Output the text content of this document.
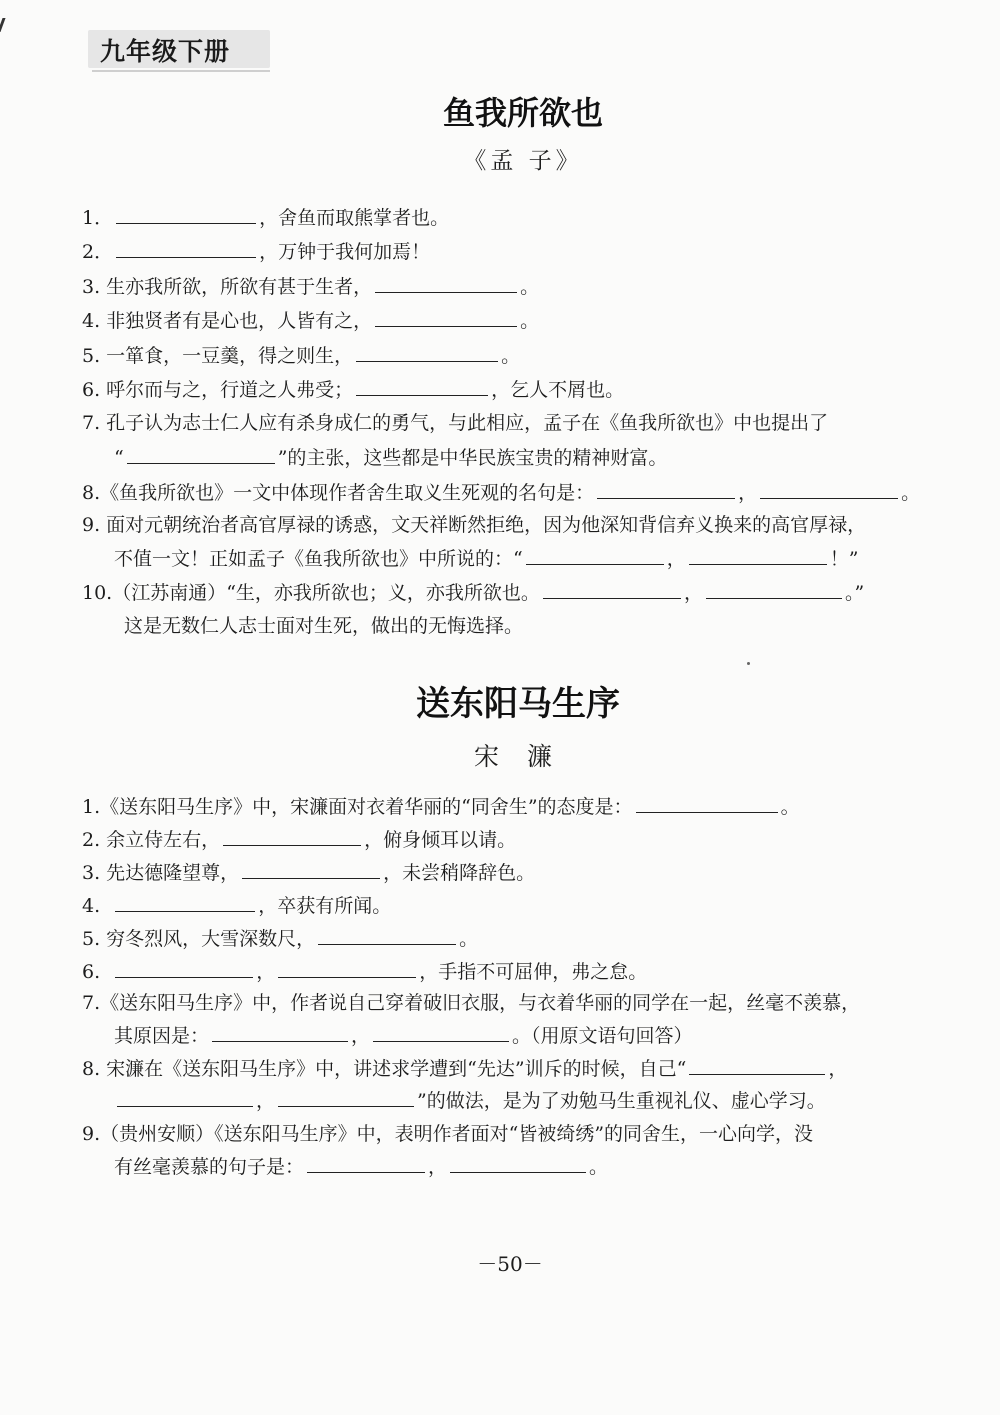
九年级下册
鱼我所欲也
《孟 子》
1．	，舍鱼而取熊掌者也。
2．	，万钟于我何加焉！
3. 生亦我所欲，所欲有甚于生者，	。
4. 非独贤者有是心也，人皆有之，	。
5. 一箪食，一豆羹，得之则生，	。
6. 呼尔而与之，行道之人弗受；	，乞人不屑也。
7. 孔子认为志士仁人应有杀身成仁的勇气，与此相应，孟子在《鱼我所欲也》中也提出了
“	”的主张，这些都是中华民族宝贵的精神财富。
8.《鱼我所欲也》一文中体现作者舍生取义生死观的名句是：	，	。
9. 面对元朝统治者高官厚禄的诱惑，文天祥断然拒绝，因为他深知背信弃义换来的高官厚禄，
不值一文！正如孟子《鱼我所欲也》中所说的：“	，	！”
10.（江苏南通）“生，亦我所欲也；义，亦我所欲也。	，	。”
这是无数仁人志士面对生死，做出的无悔选择。
送东阳马生序
宋 濂
1.《送东阳马生序》中，宋濂面对衣着华丽的“同舍生”的态度是：	。
2. 余立侍左右，	，俯身倾耳以请。
3. 先达德隆望尊，	，未尝稍降辞色。
4.	，卒获有所闻。
5. 穷冬烈风，大雪深数尺，	。
6.	，	，手指不可屈伸，弗之怠。
7.《送东阳马生序》中，作者说自己穿着破旧衣服，与衣着华丽的同学在一起，丝毫不羡慕，
其原因是：	，	。（用原文语句回答）
8. 宋濂在《送东阳马生序》中，讲述求学遭到“先达”训斥的时候，自己“	，
，	”的做法，是为了劝勉马生重视礼仪、虚心学习。
9.（贵州安顺）《送东阳马生序》中，表明作者面对“皆被绮绣”的同舍生，一心向学，没
有丝毫羡慕的句子是：	，	。
－50－
